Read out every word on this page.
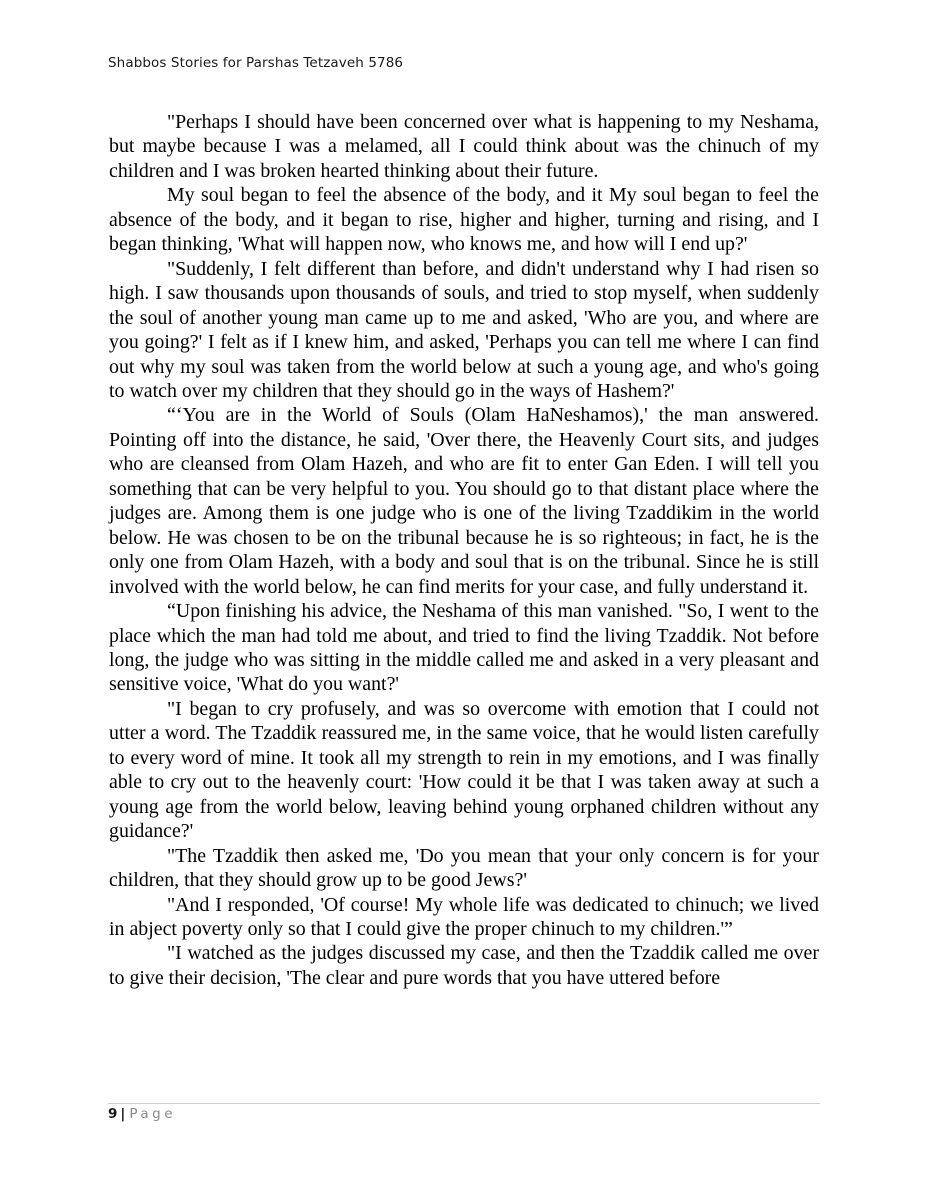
Shabbos Stories for Parshas Tetzaveh 5786

"Perhaps I should have been concerned over what is happening to my Neshama, but maybe because I was a melamed, all I could think about was the chinuch of my children and I was broken hearted thinking about their future.

My soul began to feel the absence of the body, and it My soul began to feel the absence of the body, and it began to rise, higher and higher, turning and rising, and I began thinking, 'What will happen now, who knows me, and how will I end up?'

"Suddenly, I felt different than before, and didn't understand why I had risen so high. I saw thousands upon thousands of souls, and tried to stop myself, when suddenly the soul of another young man came up to me and asked, 'Who are you, and where are you going?' I felt as if I knew him, and asked, 'Perhaps you can tell me where I can find out why my soul was taken from the world below at such a young age, and who's going to watch over my children that they should go in the ways of Hashem?'

“‘You are in the World of Souls (Olam HaNeshamos),' the man answered. Pointing off into the distance, he said, 'Over there, the Heavenly Court sits, and judges who are cleansed from Olam Hazeh, and who are fit to enter Gan Eden. I will tell you something that can be very helpful to you. You should go to that distant place where the judges are. Among them is one judge who is one of the living Tzaddikim in the world below. He was chosen to be on the tribunal because he is so righteous; in fact, he is the only one from Olam Hazeh, with a body and soul that is on the tribunal. Since he is still involved with the world below, he can find merits for your case, and fully understand it.

“Upon finishing his advice, the Neshama of this man vanished. "So, I went to the place which the man had told me about, and tried to find the living Tzaddik. Not before long, the judge who was sitting in the middle called me and asked in a very pleasant and sensitive voice, 'What do you want?'

"I began to cry profusely, and was so overcome with emotion that I could not utter a word. The Tzaddik reassured me, in the same voice, that he would listen carefully to every word of mine. It took all my strength to rein in my emotions, and I was finally able to cry out to the heavenly court: 'How could it be that I was taken away at such a young age from the world below, leaving behind young orphaned children without any guidance?'

"The Tzaddik then asked me, 'Do you mean that your only concern is for your children, that they should grow up to be good Jews?'

"And I responded, 'Of course! My whole life was dedicated to chinuch; we lived in abject poverty only so that I could give the proper chinuch to my children.'”

"I watched as the judges discussed my case, and then the Tzaddik called me over to give their decision, 'The clear and pure words that you have uttered before

9 | Page
